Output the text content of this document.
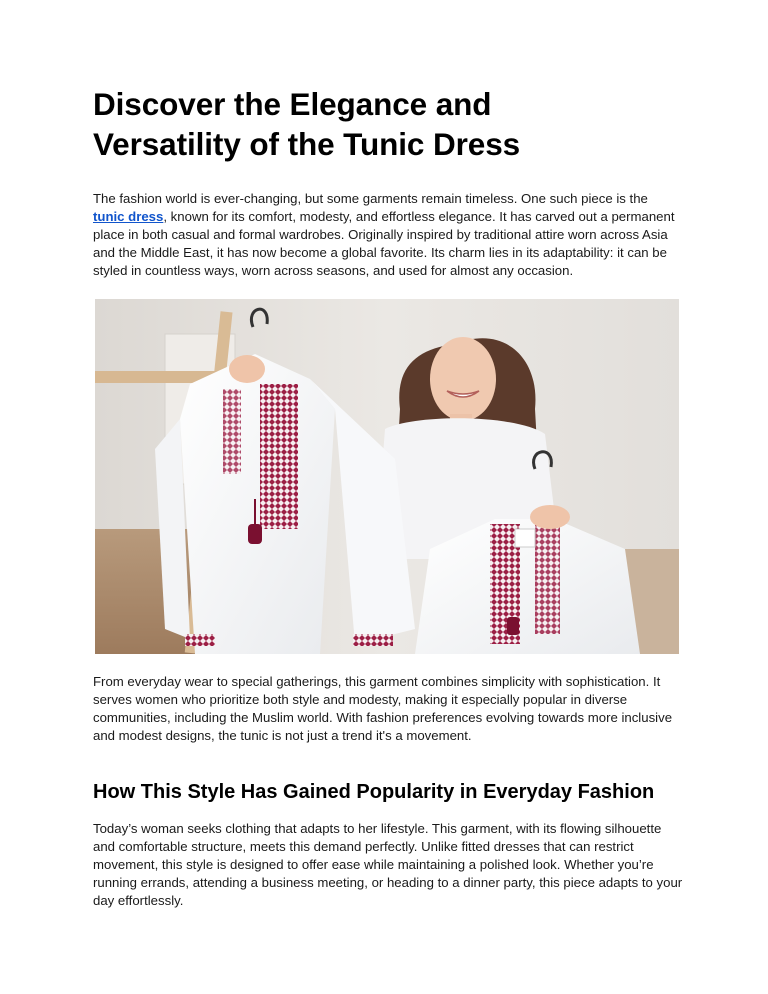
Discover the Elegance and
Versatility of the Tunic Dress

The fashion world is ever-changing, but some garments remain timeless. One such piece is the tunic dress, known for its comfort, modesty, and effortless elegance. It has carved out a permanent place in both casual and formal wardrobes. Originally inspired by traditional attire worn across Asia and the Middle East, it has now become a global favorite. Its charm lies in its adaptability: it can be styled in countless ways, worn across seasons, and used for almost any occasion.

From everyday wear to special gatherings, this garment combines simplicity with sophistication. It serves women who prioritize both style and modesty, making it especially popular in diverse communities, including the Muslim world. With fashion preferences evolving towards more inclusive and modest designs, the tunic is not just a trend it's a movement.

How This Style Has Gained Popularity in Everyday Fashion

Today’s woman seeks clothing that adapts to her lifestyle. This garment, with its flowing silhouette and comfortable structure, meets this demand perfectly. Unlike fitted dresses that can restrict movement, this style is designed to offer ease while maintaining a polished look. Whether you’re running errands, attending a business meeting, or heading to a dinner party, this piece adapts to your day effortlessly.
